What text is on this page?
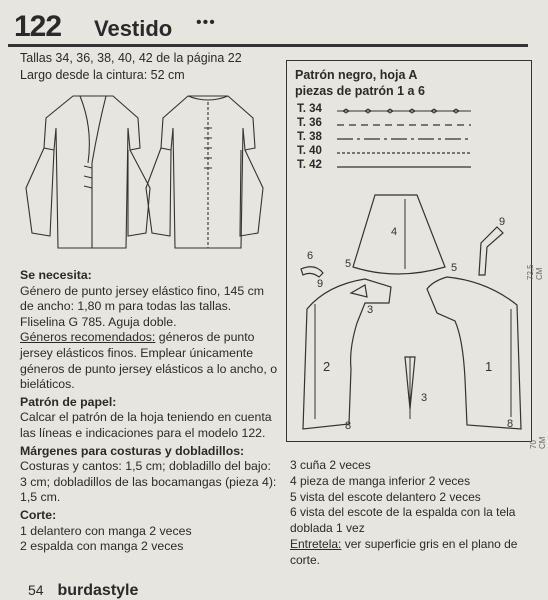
122 Vestido •••
Tallas 34, 36, 38, 40, 42 de la página 22
Largo desde la cintura: 52 cm	Patrón negro, hoja A
piezas de patrón 1 a 6
T. 34
T. 36
T. 38
T. 40
T. 42
4
5	5
6
9
9
2	1
3
3
8	8
72,5 CM
70 CM

Se necesita:

Género de punto jersey elástico fino, 145 cm de ancho: 1,80 m para todas las tallas. Fliselina G 785. Aguja doble.

Géneros recomendados: géneros de punto jersey elásticos finos. Emplear únicamente géneros de punto jersey elásticos a lo ancho, o bieláticos.

Patrón de papel:

Calcar el patrón de la hoja teniendo en cuenta las líneas e indicaciones para el modelo 122.

Márgenes para costuras y dobladillos:

Costuras y cantos: 1,5 cm; dobladillo del bajo: 3 cm; dobladillos de las bocamangas (pieza 4): 1,5 cm.

Corte:

1 delantero con manga 2 veces

2 espalda con manga 2 veces

3 cuña 2 veces

4 pieza de manga inferior 2 veces

5 vista del escote delantero 2 veces

6 vista del escote de la espalda con la tela doblada 1 vez

Entretela: ver superficie gris en el plano de corte.

54 burdastyle
